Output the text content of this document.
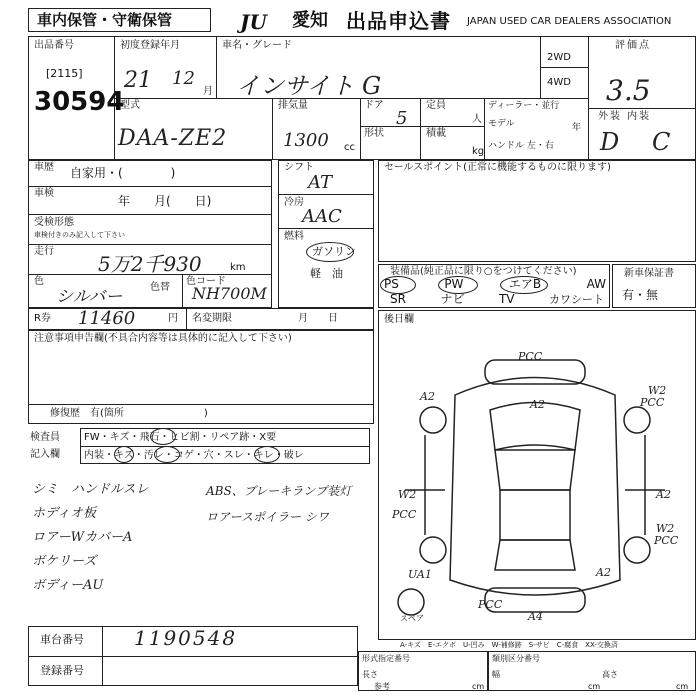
車内保管・守衛保管	JU 愛知 出品申込書 JAPAN USED CAR DEALERS ASSOCIATION
出品番号
[2115]
30594
初度登録年月
21 12
月
車名・グレード
インサイト G
2WD
4WD
評価点
3.5
型式
DAA-ZE2
排気量
1300 cc
ドア
5
定員
人
形状	積載
kg
ディーラー・並行
モデル	年
ハンドル 左・右
外装 内装
D C
車歴 自家用・(　　　　)
車検
年　　月(　　日)
受検形態
車検付きのみ記入して下さい
走行
5万2千930	km
色
シルバー	色替
色コード
NH700M
シフト
AT
冷房
AAC
燃料
ガソリン
軽　油
セールスポイント(正常に機能するものに限ります)
装備品(純正品に限り○をつけてください)
PS	PW	エアB	AW
SR	ナビ	TV	カワシート
新車保証書
有・無
R券 11460	円 名変期限	月　　日
注意事項申告欄(不具合内容等は具体的に記入して下さい)
修復歴　有(箇所　　　　　　　　)
後日欄
検査員
記入欄
FW・キズ・飛石・ヒビ割・リペア跡・X要
内装・キズ・汚レ・コゲ・穴・スレ・キレ・破レ
シミ　ハンドルスレ
ホディオ板
ロアーWカバーA
ボケリーズ
ボディーAU
ABS、ブレーキランプ装灯
ロアースポイラー シワ
スペア
PCC
A2
A2
W2
PCC
W2
PCC
A2
W2
PCC
A2
UA1
PCC
A4
車台番号	1190548
登録番号
A-キズ　E-エクボ　U-凹み　W-補修跡　S-サビ　C-腐食　XX-交換済
形式指定番号	類別区分番号
参考
長さ
cm
幅
cm
高さ
cm
